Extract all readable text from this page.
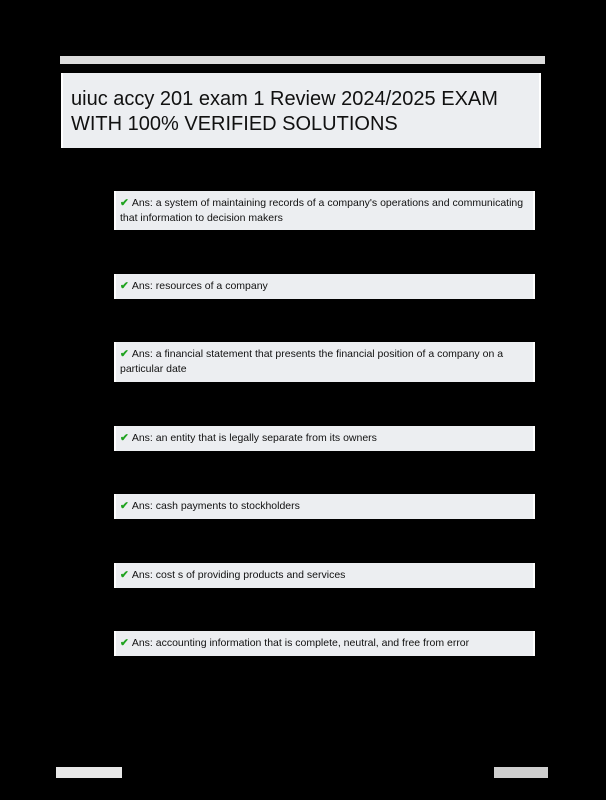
uiuc accy 201 exam 1 Review 2024/2025 EXAM WITH 100% VERIFIED SOLUTIONS
✔ Ans: a system of maintaining records of a company's operations and communicating that information to decision makers
✔ Ans: resources of a company
✔ Ans: a financial statement that presents the financial position of a company on a particular date
✔ Ans: an entity that is legally separate from its owners
✔ Ans: cash payments to stockholders
✔ Ans: cost s of providing products and services
✔ Ans: accounting information that is complete, neutral, and free from error
